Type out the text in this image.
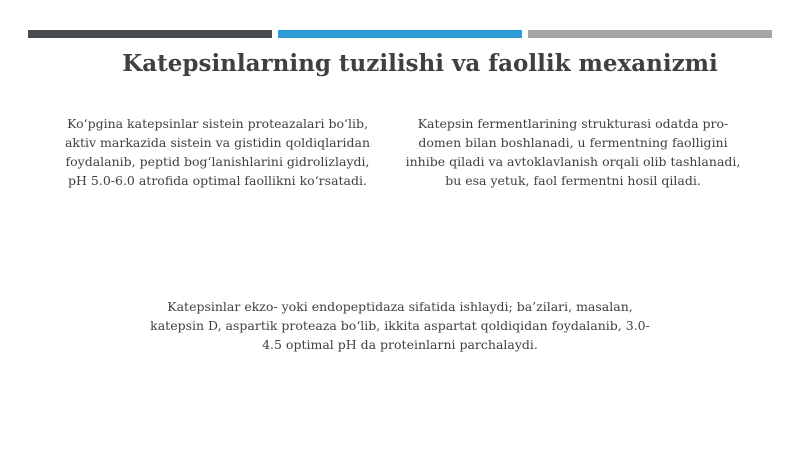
Katepsinlarning tuzilishi va faollik mexanizmi
Ko‘pgina katepsinlar sistein proteazalari bo‘lib, aktiv markazida sistein va gistidin qoldiqlaridan foydalanib, peptid bog‘lanishlarini gidrolizlaydi, pH 5.0-6.0 atrofida optimal faollikni ko‘rsatadi.
Katepsin fermentlarining strukturasi odatda pro-domen bilan boshlanadi, u fermentning faolligini inhibe qiladi va avtoklavlanish orqali olib tashlanadi, bu esa yetuk, faol fermentni hosil qiladi.
Katepsinlar ekzo- yoki endopeptidaza sifatida ishlaydi; ba’zilari, masalan, katepsin D, aspartik proteaza bo‘lib, ikkita aspartat qoldiqidan foydalanib, 3.0-4.5 optimal pH da proteinlarni parchalaydi.
